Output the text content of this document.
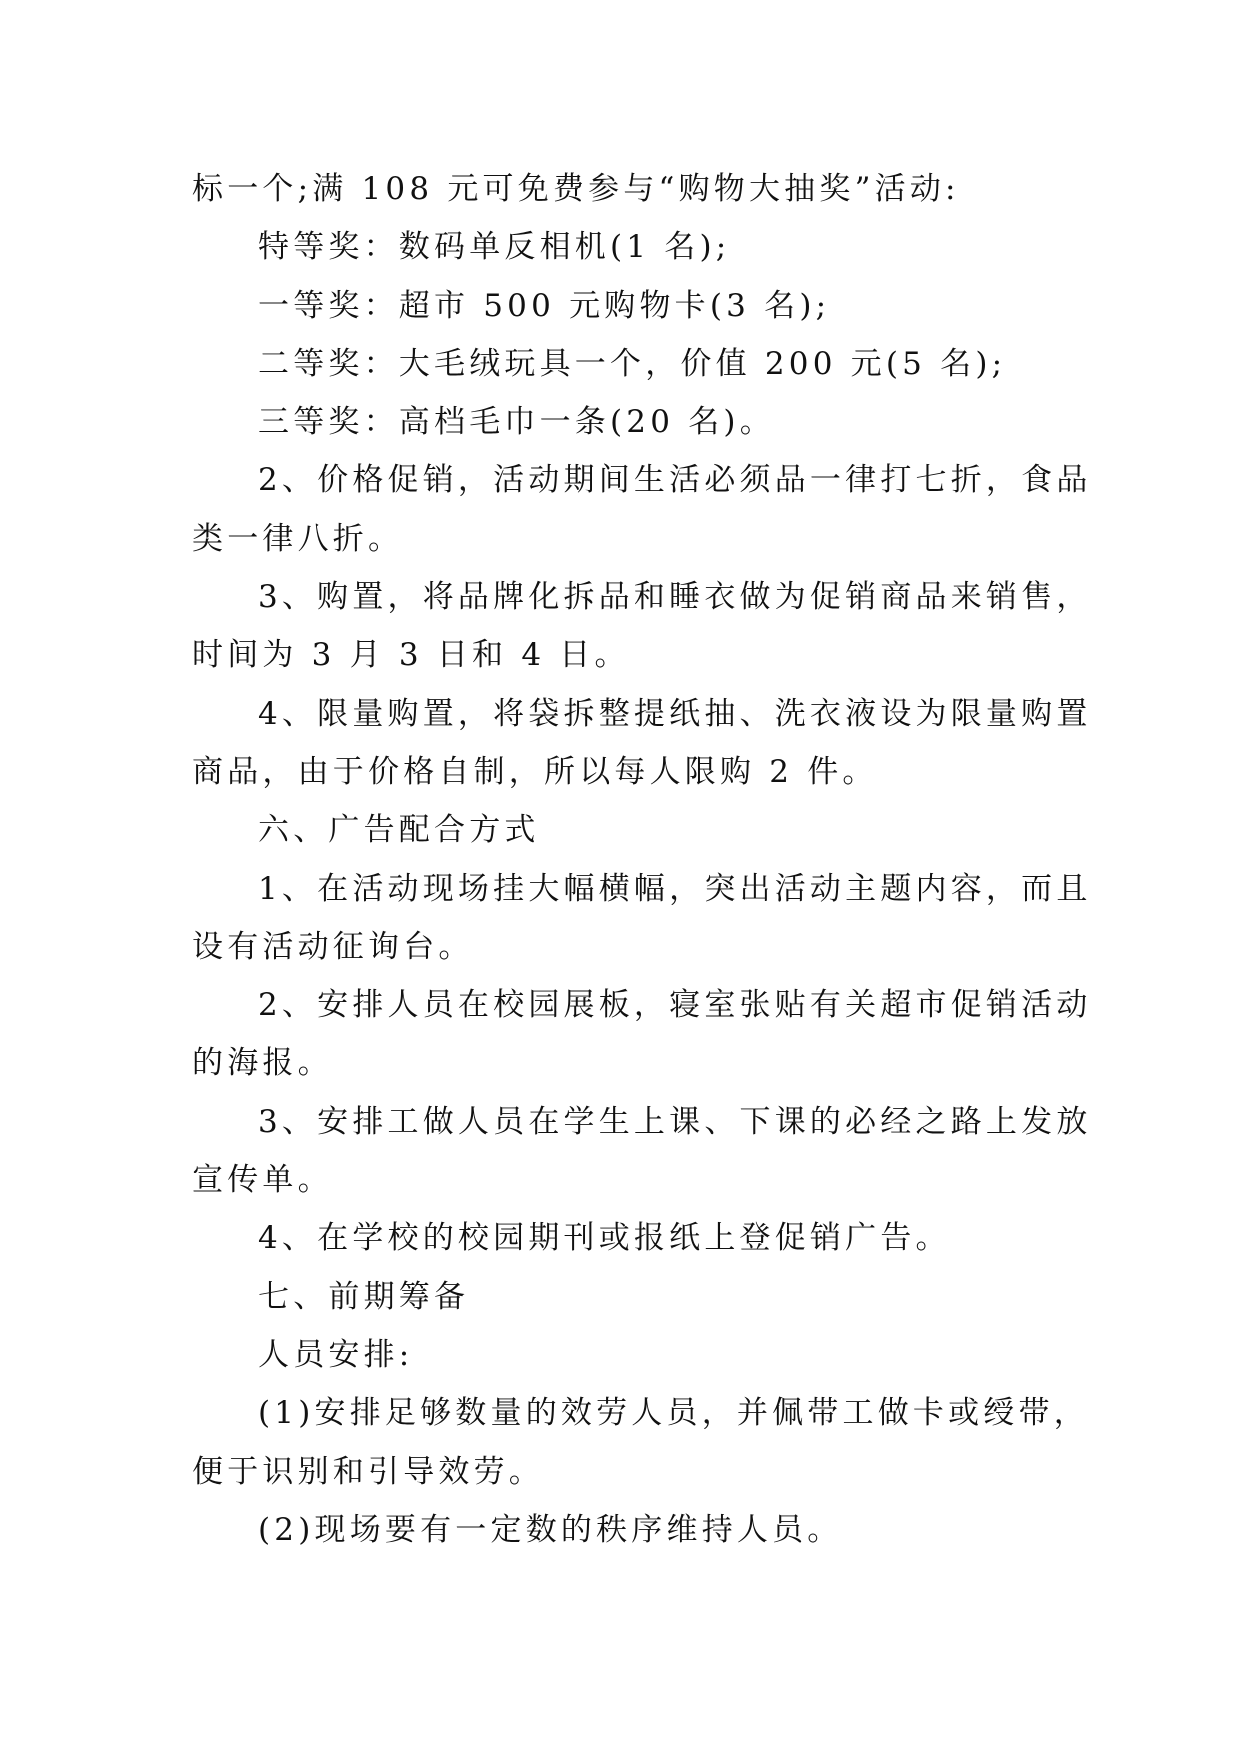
标一个;满 108 元可免费参与“购物大抽奖”活动:
特等奖：数码单反相机(1 名);
一等奖：超市 500 元购物卡(3 名);
二等奖：大毛绒玩具一个，价值 200 元(5 名);
三等奖：高档毛巾一条(20 名)。
2、价格促销，活动期间生活必须品一律打七折，食品
类一律八折。
3、购置，将品牌化拆品和睡衣做为促销商品来销售，
时间为 3 月 3 日和 4 日。
4、限量购置，将袋拆整提纸抽、洗衣液设为限量购置
商品，由于价格自制，所以每人限购 2 件。
六、广告配合方式
1、在活动现场挂大幅横幅，突出活动主题内容，而且
设有活动征询台。
2、安排人员在校园展板，寝室张贴有关超市促销活动
的海报。
3、安排工做人员在学生上课、下课的必经之路上发放
宣传单。
4、在学校的校园期刊或报纸上登促销广告。
七、前期筹备
人员安排:
(1)安排足够数量的效劳人员，并佩带工做卡或绶带，
便于识别和引导效劳。
(2)现场要有一定数的秩序维持人员。
